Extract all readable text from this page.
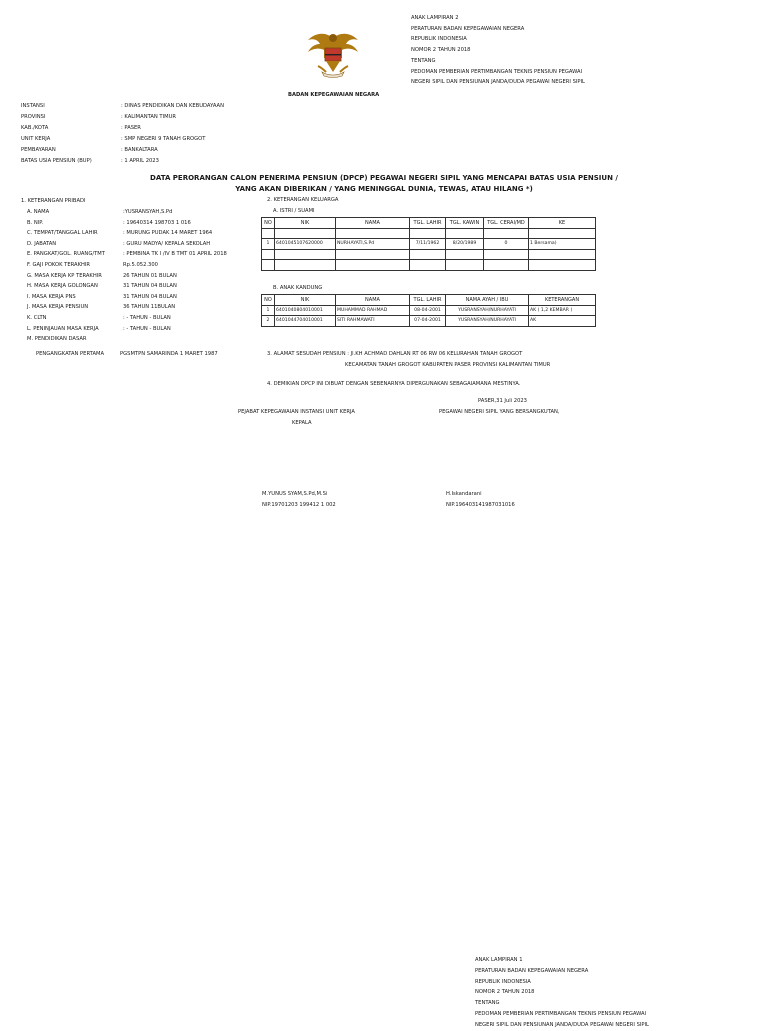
ANAK LAMPIRAN 2
PERATURAN BADAN KEPEGAWAIAN NEGERA
REPUBLIK INDONESIA
NOMOR 2 TAHUN 2018
TENTANG
PEDOMAN PEMBERIAN PERTIMBANGAN TEKNIS PENSIUN PEGAWAI
NEGERI SIPIL DAN PENSIUNAN JANDA/DUDA PEGAWAI NEGERI SIPIL
BADAN KEPEGAWAIAN NEGARA
INSTANSI	: DINAS PENDIDIKAN DAN KEBUDAYAAN
PROVINSI	: KALIMANTAN TIMUR
KAB./KOTA	: PASER
UNIT KERJA	: SMP NEGERI 9 TANAH GROGOT
PEMBAYARAN	: BANKALTARA
BATAS USIA PENSIUN (BUP)	: 1 APRIL 2023
DATA PERORANGAN CALON PENERIMA PENSIUN (DPCP) PEGAWAI NEGERI SIPIL YANG MENCAPAI BATAS USIA PENSIUN /
YANG AKAN DIBERIKAN / YANG MENINGGAL DUNIA, TEWAS, ATAU HILANG *)
1. KETERANGAN PRIBADI
A. NAMA	:YUSRANSYAH,S.Pd
B. NIP.	: 19640314 198703 1 016
C. TEMPAT/TANGGAL LAHIR	: MURUNG PUDAK 14 MARET 1964
D. JABATAN	: GURU MADYA/ KEPALA SEKOLAH
E. PANGKAT/GOL. RUANG/TMT	: PEMBINA TK I /IV B TMT 01 APRIL 2018
F. GAJI POKOK TERAKHIR	Rp.5.052.300
G. MASA KERJA KP TERAKHIR	26 TAHUN 01 BULAN
H. MASA KERJA GOLONGAN	31 TAHUN 04 BULAN
I. MASA KERJA PNS	31 TAHUN 04 BULAN
J. MASA KERJA PENSIUN	36 TAHUN 11BULAN
K. CLTN	: - TAHUN - BULAN
L. PENINJAUAN MASA KERJA	: - TAHUN - BULAN
M. PENDIDIKAN DASAR
PENGANGKATAN PERTAMA	PGSMTPN SAMARINDA 1 MARET 1987
2. KETERANGAN KELUARGA
A. ISTRI / SUAMI
NO	NIK	NAMA	TGL. LAHIR	TGL. KAWIN	TGL. CERAI/MD	KE

1	6401045107620000	NURHAYATI,S.Pd	7/11/1962	8/20/1989	0	1 Bersama)

B. ANAK KANDUNG
NO	NIK	NAMA	TGL. LAHIR	NAMA AYAH / IBU	KETERANGAN
1	6401040804010001	MUHAMMAD RAHMAD	08-04-2001	YUSRANSYAH/NURHAYATI	AK ( 1,2 KEMBAR )
2	6401044704010001	SITI RAHMAWATI	07-04-2001	YUSRANSYAH/NURHAYATI	AK
3. ALAMAT SESUDAH PENSIUN : Jl.KH ACHMAD DAHLAN RT 06 RW 06 KELURAHAN TANAH GROGOT
KECAMATAN TANAH GROGOT KABUPATEN PASER PROVINSI KALIMANTAN TIMUR
4. DEMIKIAN DPCP INI DIBUAT DENGAN SEBENARNYA DIPERGUNAKAN SEBAGAIAMANA MESTINYA.
PASER,31 Juli 2023
PEJABAT KEPEGAWAIAN INSTANSI UNIT KERJA
KEPALA
PEGAWAI NEGERI SIPIL YANG BERSANGKUTAN,
M.YUNUS SYAM,S.Pd,M.Si
NIP.19701203 199412 1 002
H.Iskandarani
NIP.196403141987031016
ANAK LAMPIRAN 1
PERATURAN BADAN KEPEGAWAIAN NEGERA
REPUBLIK INDONESIA
NOMOR 2 TAHUN 2018
TENTANG
PEDOMAN PEMBERIAN PERTIMBANGAN TEKNIS PENSIUN PEGAWAI
NEGERI SIPIL DAN PENSIUNAN JANDA/DUDA PEGAWAI NEGERI SIPIL
